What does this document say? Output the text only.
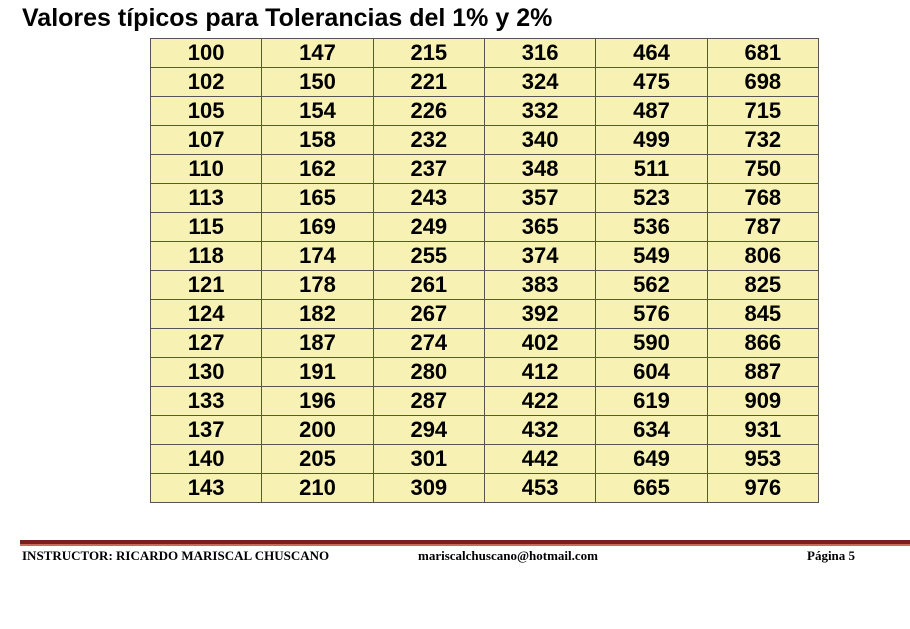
Valores típicos para Tolerancias del 1% y 2%
100	147	215	316	464	681
102	150	221	324	475	698
105	154	226	332	487	715
107	158	232	340	499	732
110	162	237	348	511	750
113	165	243	357	523	768
115	169	249	365	536	787
118	174	255	374	549	806
121	178	261	383	562	825
124	182	267	392	576	845
127	187	274	402	590	866
130	191	280	412	604	887
133	196	287	422	619	909
137	200	294	432	634	931
140	205	301	442	649	953
143	210	309	453	665	976
INSTRUCTOR: RICARDO MARISCAL CHUSCANO	mariscalchuscano@hotmail.com	Página 5
